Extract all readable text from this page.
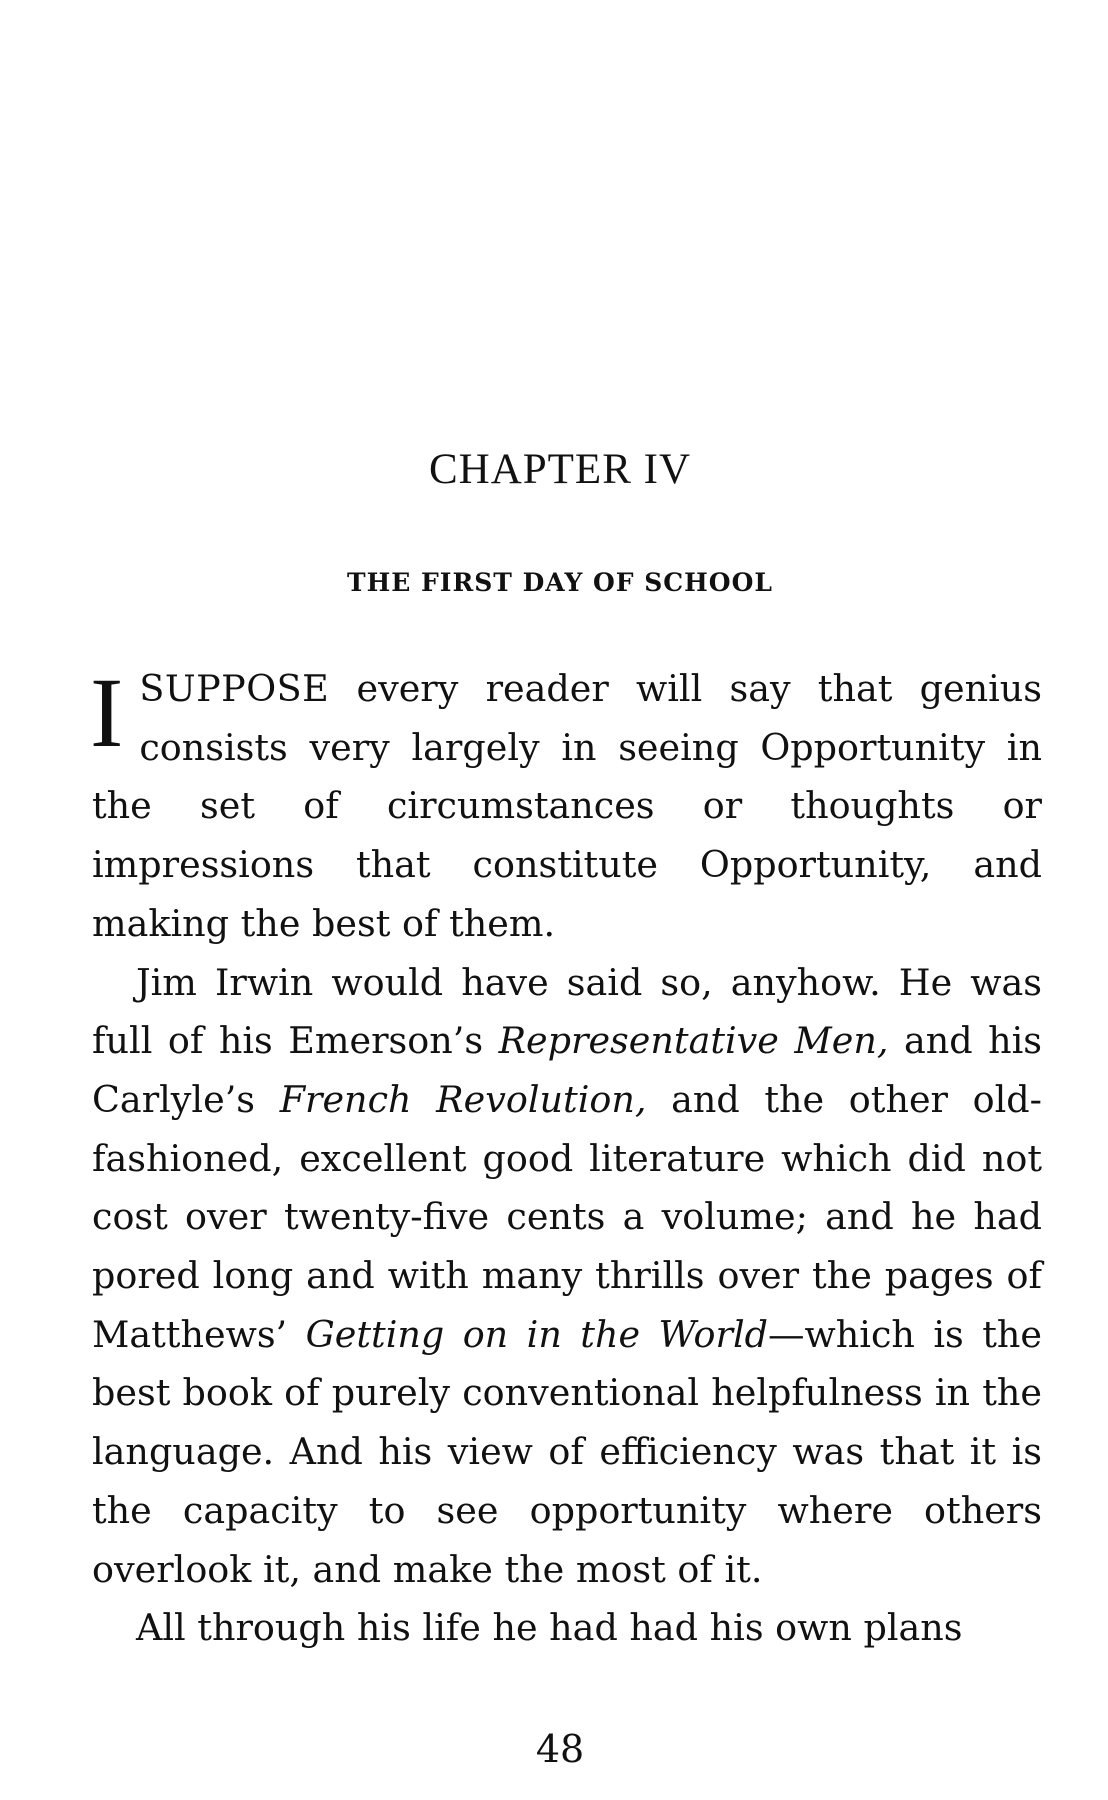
CHAPTER IV
THE FIRST DAY OF SCHOOL

ISUPPOSE every reader will say that genius consists very largely in seeing Opportunity in the set of circumstances or thoughts or impressions that constitute Opportunity, and making the best of them.

Jim Irwin would have said so, anyhow. He was full of his Emerson’s Representative Men, and his Carlyle’s French Revolution, and the other old-fashioned, excellent good literature which did not cost over twenty-five cents a volume; and he had pored long and with many thrills over the pages of Matthews’ Getting on in the World—which is the best book of purely conventional helpfulness in the language. And his view of efficiency was that it is the capacity to see opportunity where others overlook it, and make the most of it.

All through his life he had had his own plans

48
